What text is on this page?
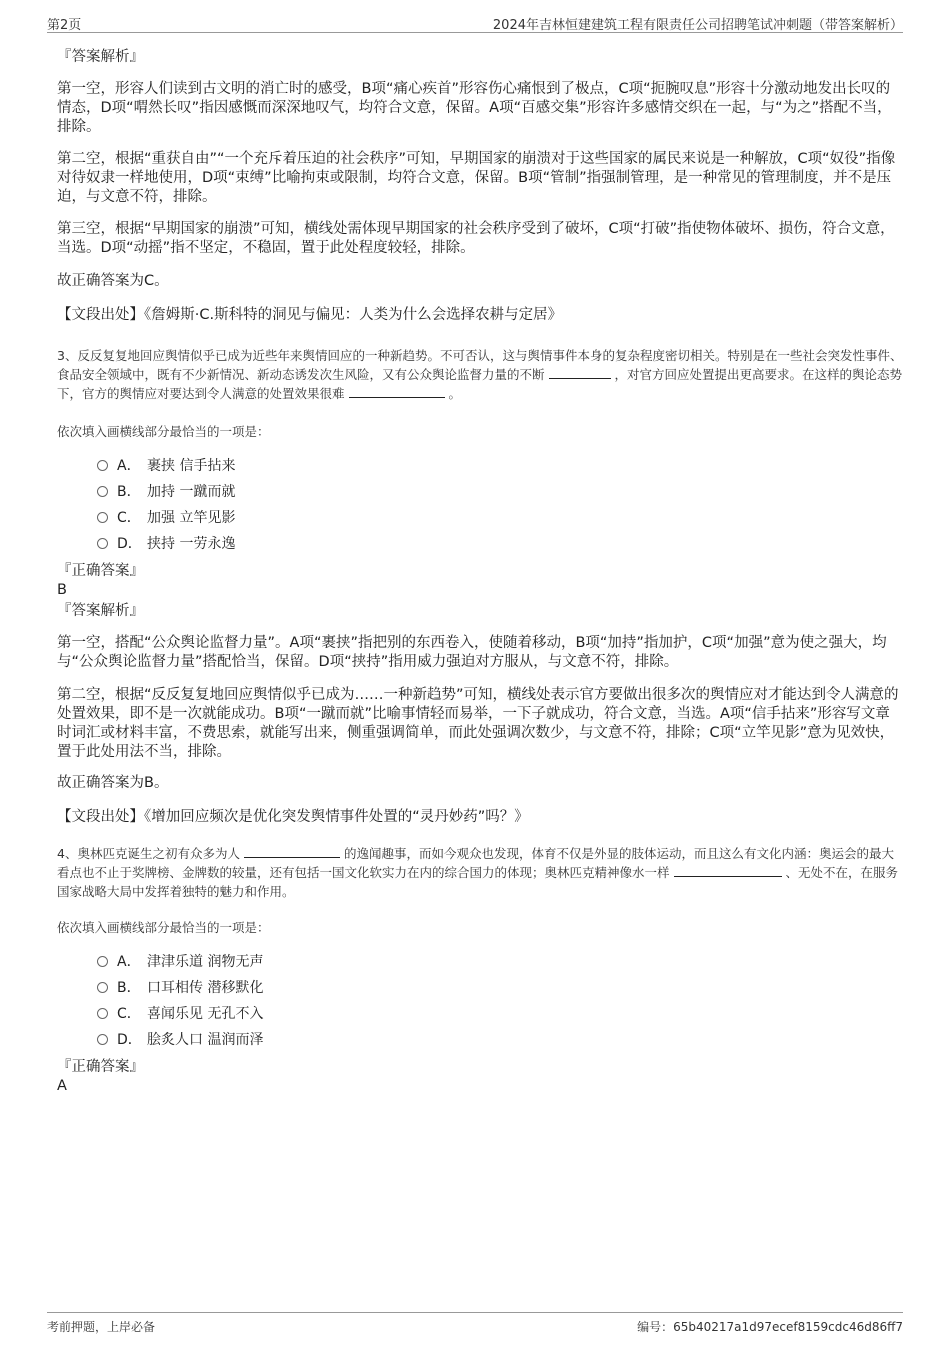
第2页	2024年吉林恒建建筑工程有限责任公司招聘笔试冲刺题（带答案解析）

『答案解析』

第一空，形容人们读到古文明的消亡时的感受，B项“痛心疾首”形容伤心痛恨到了极点，C项“扼腕叹息”形容十分激动地发出长叹的情态，D项“喟然长叹”指因感慨而深深地叹气，均符合文意，保留。A项“百感交集”形容许多感情交织在一起，与“为之”搭配不当，排除。

第二空，根据“重获自由”“一个充斥着压迫的社会秩序”可知，早期国家的崩溃对于这些国家的属民来说是一种解放，C项“奴役”指像对待奴隶一样地使用，D项“束缚”比喻拘束或限制，均符合文意，保留。B项“管制”指强制管理，是一种常见的管理制度，并不是压迫，与文意不符，排除。

第三空，根据“早期国家的崩溃”可知，横线处需体现早期国家的社会秩序受到了破坏，C项“打破”指使物体破坏、损伤，符合文意，当选。D项“动摇”指不坚定，不稳固，置于此处程度较轻，排除。

故正确答案为C。

【文段出处】《詹姆斯·C.斯科特的洞见与偏见：人类为什么会选择农耕与定居》

3、反反复复地回应舆情似乎已成为近些年来舆情回应的一种新趋势。不可否认，这与舆情事件本身的复杂程度密切相关。特别是在一些社会突发性事件、食品安全领域中，既有不少新情况、新动态诱发次生风险，又有公众舆论监督力量的不断	，对官方回应处置提出更高要求。在这样的舆论态势下，官方的舆情应对要达到令人满意的处置效果很难	。

依次填入画横线部分最恰当的一项是：

A． 裹挟 信手拈来
B． 加持 一蹴而就
C． 加强 立竿见影
D． 挟持 一劳永逸

『正确答案』

B

『答案解析』

第一空，搭配“公众舆论监督力量”。A项“裹挟”指把别的东西卷入，使随着移动，B项“加持”指加护，C项“加强”意为使之强大，均与“公众舆论监督力量”搭配恰当，保留。D项“挟持”指用威力强迫对方服从，与文意不符，排除。

第二空，根据“反反复复地回应舆情似乎已成为……一种新趋势”可知，横线处表示官方要做出很多次的舆情应对才能达到令人满意的处置效果，即不是一次就能成功。B项“一蹴而就”比喻事情轻而易举，一下子就成功，符合文意，当选。A项“信手拈来”形容写文章时词汇或材料丰富，不费思索，就能写出来，侧重强调简单，而此处强调次数少，与文意不符，排除；C项“立竿见影”意为见效快，置于此处用法不当，排除。

故正确答案为B。

【文段出处】《增加回应频次是优化突发舆情事件处置的“灵丹妙药”吗？》

4、奥林匹克诞生之初有众多为人	的逸闻趣事，而如今观众也发现，体育不仅是外显的肢体运动，而且这么有文化内涵：奥运会的最大看点也不止于奖牌榜、金牌数的较量，还有包括一国文化软实力在内的综合国力的体现；奥林匹克精神像水一样	、无处不在，在服务国家战略大局中发挥着独特的魅力和作用。

依次填入画横线部分最恰当的一项是：

A． 津津乐道 润物无声
B． 口耳相传 潜移默化
C． 喜闻乐见 无孔不入
D． 脍炙人口 温润而泽

『正确答案』

A

考前押题，上岸必备	编号：65b40217a1d97ecef8159cdc46d86ff7
